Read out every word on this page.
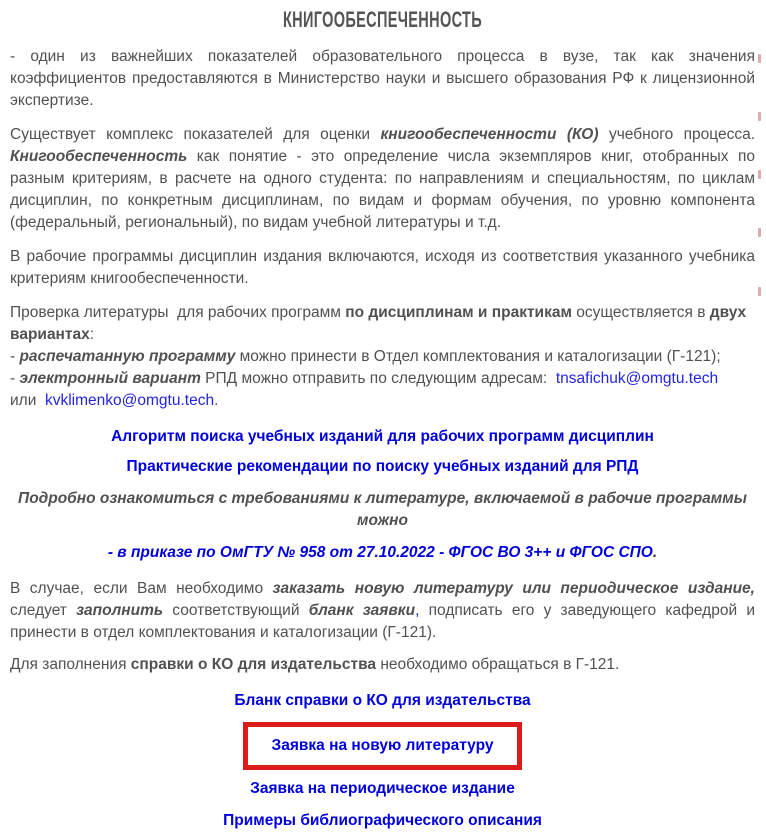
КНИГООБЕСПЕЧЕННОСТЬ

- один из важнейших показателей образовательного процесса в вузе, так как значения коэффициентов предоставляются в Министерство науки и высшего образования РФ к лицензионной экспертизе.

Существует комплекс показателей для оценки книгообеспеченности (КО) учебного процесса. Книгообеспеченность как понятие - это определение числа экземпляров книг, отобранных по разным критериям, в расчете на одного студента: по направлениям и специальностям, по циклам дисциплин, по конкретным дисциплинам, по видам и формам обучения, по уровню компонента (федеральный, региональный), по видам учебной литературы и т.д.

В рабочие программы дисциплин издания включаются, исходя из соответствия указанного учебника критериям книгообеспеченности.

Проверка литературы  для рабочих программ по дисциплинам и практикам осуществляется в двух
вариантах:
- распечатанную программу можно принести в Отдел комплектования и каталогизации (Г-121);
- электронный вариант РПД можно отправить по следующим адресам:  tnsafichuk@omgtu.tech
или  kvklimenko@omgtu.tech.

Алгоритм поиска учебных изданий для рабочих программ дисциплин
Практические рекомендации по поиску учебных изданий для РПД

Подробно ознакомиться с требованиями к литературе, включаемой в рабочие программы
можно

- в приказе по ОмГТУ № 958 от 27.10.2022 - ФГОС ВО 3++ и ФГОС СПО.

В случае, если Вам необходимо заказать новую литературу или периодическое издание, следует заполнить соответствующий бланк заявки, подписать его у заведующего кафедрой и принести в отдел комплектования и каталогизации (Г-121).

Для заполнения справки о КО для издательства необходимо обращаться в Г-121.

Бланк справки о КО для издательства
Заявка на новую литературу
Заявка на периодическое издание
Примеры библиографического описания
